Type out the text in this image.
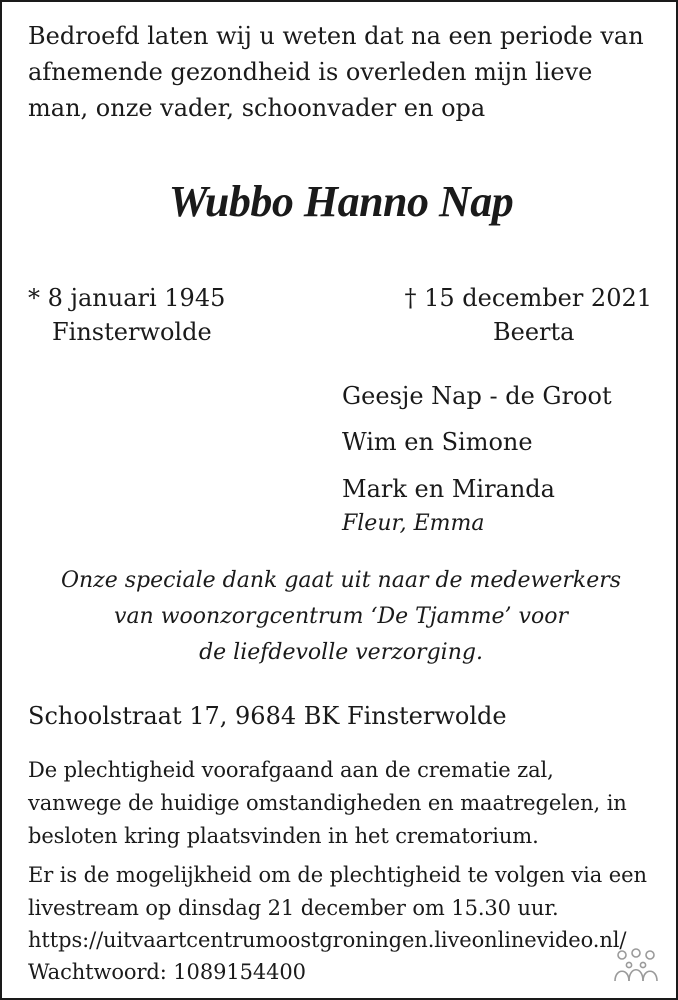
Bedroefd laten wij u weten dat na een periode van
afnemende gezondheid is overleden mijn lieve
man, onze vader, schoonvader en opa
Wubbo Hanno Nap
* 8 januari 1945
Finsterwolde
† 15 december 2021
Beerta
Geesje Nap - de Groot
Wim en Simone
Mark en Miranda
Fleur, Emma
Onze speciale dank gaat uit naar de medewerkers
van woonzorgcentrum ‘De Tjamme’ voor
de liefdevolle verzorging.
Schoolstraat 17, 9684 BK Finsterwolde
De plechtigheid voorafgaand aan de crematie zal,
vanwege de huidige omstandigheden en maatregelen, in
besloten kring plaatsvinden in het crematorium.
Er is de mogelijkheid om de plechtigheid te volgen via een
livestream op dinsdag 21 december om 15.30 uur.
https://uitvaartcentrumoostgroningen.liveonlinevideo.nl/
Wachtwoord: 1089154400
